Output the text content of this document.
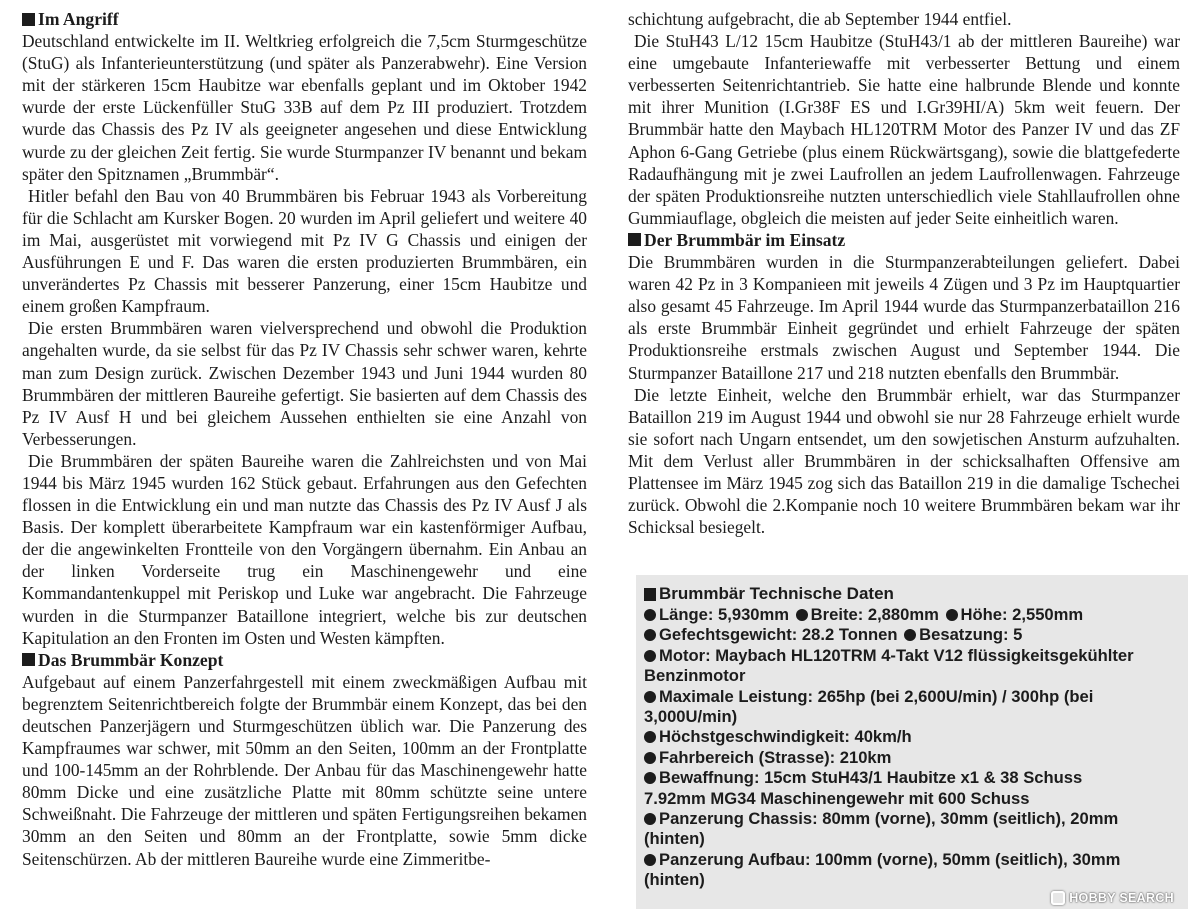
Im Angriff

Deutschland entwickelte im II. Weltkrieg erfolgreich die 7,5cm Sturmgeschütze (StuG) als Infanterieunterstützung (und später als Panzerabwehr). Eine Version mit der stärkeren 15cm Haubitze war ebenfalls geplant und im Oktober 1942 wurde der erste Lückenfüller StuG 33B auf dem Pz III produziert. Trotzdem wurde das Chassis des Pz IV als geeigneter angesehen und diese Entwicklung wurde zu der gleichen Zeit fertig. Sie wurde Sturmpanzer IV benannt und bekam später den Spitznamen „Brummbär“.

Hitler befahl den Bau von 40 Brummbären bis Februar 1943 als Vorbereitung für die Schlacht am Kursker Bogen. 20 wurden im April geliefert und weitere 40 im Mai, ausgerüstet mit vorwiegend mit Pz IV G Chassis und einigen der Ausführungen E und F. Das waren die ersten produzierten Brummbären, ein unverändertes Pz Chassis mit besserer Panzerung, einer 15cm Haubitze und einem großen Kampfraum.

Die ersten Brummbären waren vielversprechend und obwohl die Produktion angehalten wurde, da sie selbst für das Pz IV Chassis sehr schwer waren, kehrte man zum Design zurück. Zwischen Dezember 1943 und Juni 1944 wurden 80 Brummbären der mittleren Baureihe gefertigt. Sie basierten auf dem Chassis des Pz IV Ausf H und bei gleichem Aussehen enthielten sie eine Anzahl von Verbesserungen.

Die Brummbären der späten Baureihe waren die Zahlreichsten und von Mai 1944 bis März 1945 wurden 162 Stück gebaut. Erfahrungen aus den Gefechten flossen in die Entwicklung ein und man nutzte das Chassis des Pz IV Ausf J als Basis. Der komplett überarbeitete Kampfraum war ein kastenförmiger Aufbau, der die angewinkelten Frontteile von den Vorgängern übernahm. Ein Anbau an der linken Vorderseite trug ein Maschinengewehr und eine Kommandantenkuppel mit Periskop und Luke war angebracht. Die Fahrzeuge wurden in die Sturmpanzer Bataillone integriert, welche bis zur deutschen Kapitulation an den Fronten im Osten und Westen kämpften.

Das Brummbär Konzept

Aufgebaut auf einem Panzerfahrgestell mit einem zweckmäßigen Aufbau mit begrenztem Seitenrichtbereich folgte der Brummbär einem Konzept, das bei den deutschen Panzerjägern und Sturmgeschützen üblich war. Die Panzerung des Kampfraumes war schwer, mit 50mm an den Seiten, 100mm an der Frontplatte und 100-145mm an der Rohrblende. Der Anbau für das Maschinengewehr hatte 80mm Dicke und eine zusätzliche Platte mit 80mm schützte seine untere Schweißnaht. Die Fahrzeuge der mittleren und späten Fertigungsreihen bekamen 30mm an den Seiten und 80mm an der Frontplatte, sowie 5mm dicke Seitenschürzen. Ab der mittleren Baureihe wurde eine Zimmeritbe-

schichtung aufgebracht, die ab September 1944 entfiel.

Die StuH43 L/12 15cm Haubitze (StuH43/1 ab der mittleren Baureihe) war eine umgebaute Infanteriewaffe mit verbesserter Bettung und einem verbesserten Seitenrichtantrieb. Sie hatte eine halbrunde Blende und konnte mit ihrer Munition (I.Gr38F ES und I.Gr39HI/A) 5km weit feuern. Der Brummbär hatte den Maybach HL120TRM Motor des Panzer IV und das ZF Aphon 6-Gang Getriebe (plus einem Rückwärtsgang), sowie die blattgefederte Radaufhängung mit je zwei Laufrollen an jedem Laufrollenwagen. Fahrzeuge der späten Produktionsreihe nutzten unterschiedlich viele Stahllaufrollen ohne Gummiauflage, obgleich die meisten auf jeder Seite einheitlich waren.

Der Brummbär im Einsatz

Die Brummbären wurden in die Sturmpanzerabteilungen geliefert. Dabei waren 42 Pz in 3 Kompanieen mit jeweils 4 Zügen und 3 Pz im Hauptquartier also gesamt 45 Fahrzeuge. Im April 1944 wurde das Sturmpanzerbataillon 216 als erste Brummbär Einheit gegründet und erhielt Fahrzeuge der späten Produktionsreihe erstmals zwischen August und September 1944. Die Sturmpanzer Bataillone 217 und 218 nutzten ebenfalls den Brummbär.

Die letzte Einheit, welche den Brummbär erhielt, war das Sturmpanzer Bataillon 219 im August 1944 und obwohl sie nur 28 Fahrzeuge erhielt wurde sie sofort nach Ungarn entsendet, um den sowjetischen Ansturm aufzuhalten. Mit dem Verlust aller Brummbären in der schicksalhaften Offensive am Plattensee im März 1945 zog sich das Bataillon 219 in die damalige Tschechei zurück. Obwohl die 2.Kompanie noch 10 weitere Brummbären bekam war ihr Schicksal besiegelt.

Brummbär Technische Daten

Länge: 5,930mm Breite: 2,880mm Höhe: 2,550mm

Gefechtsgewicht: 28.2 Tonnen Besatzung: 5

Motor: Maybach HL120TRM 4-Takt V12 flüssigkeitsgekühlter Benzinmotor

Maximale Leistung: 265hp (bei 2,600U/min) / 300hp (bei 3,000U/min)

Höchstgeschwindigkeit: 40km/h

Fahrbereich (Strasse): 210km

Bewaffnung: 15cm StuH43/1 Haubitze x1 & 38 Schuss
7.92mm MG34 Maschinengewehr mit 600 Schuss

Panzerung Chassis: 80mm (vorne), 30mm (seitlich), 20mm (hinten)

Panzerung Aufbau: 100mm (vorne), 50mm (seitlich), 30mm (hinten)

HOBBY SEARCH
